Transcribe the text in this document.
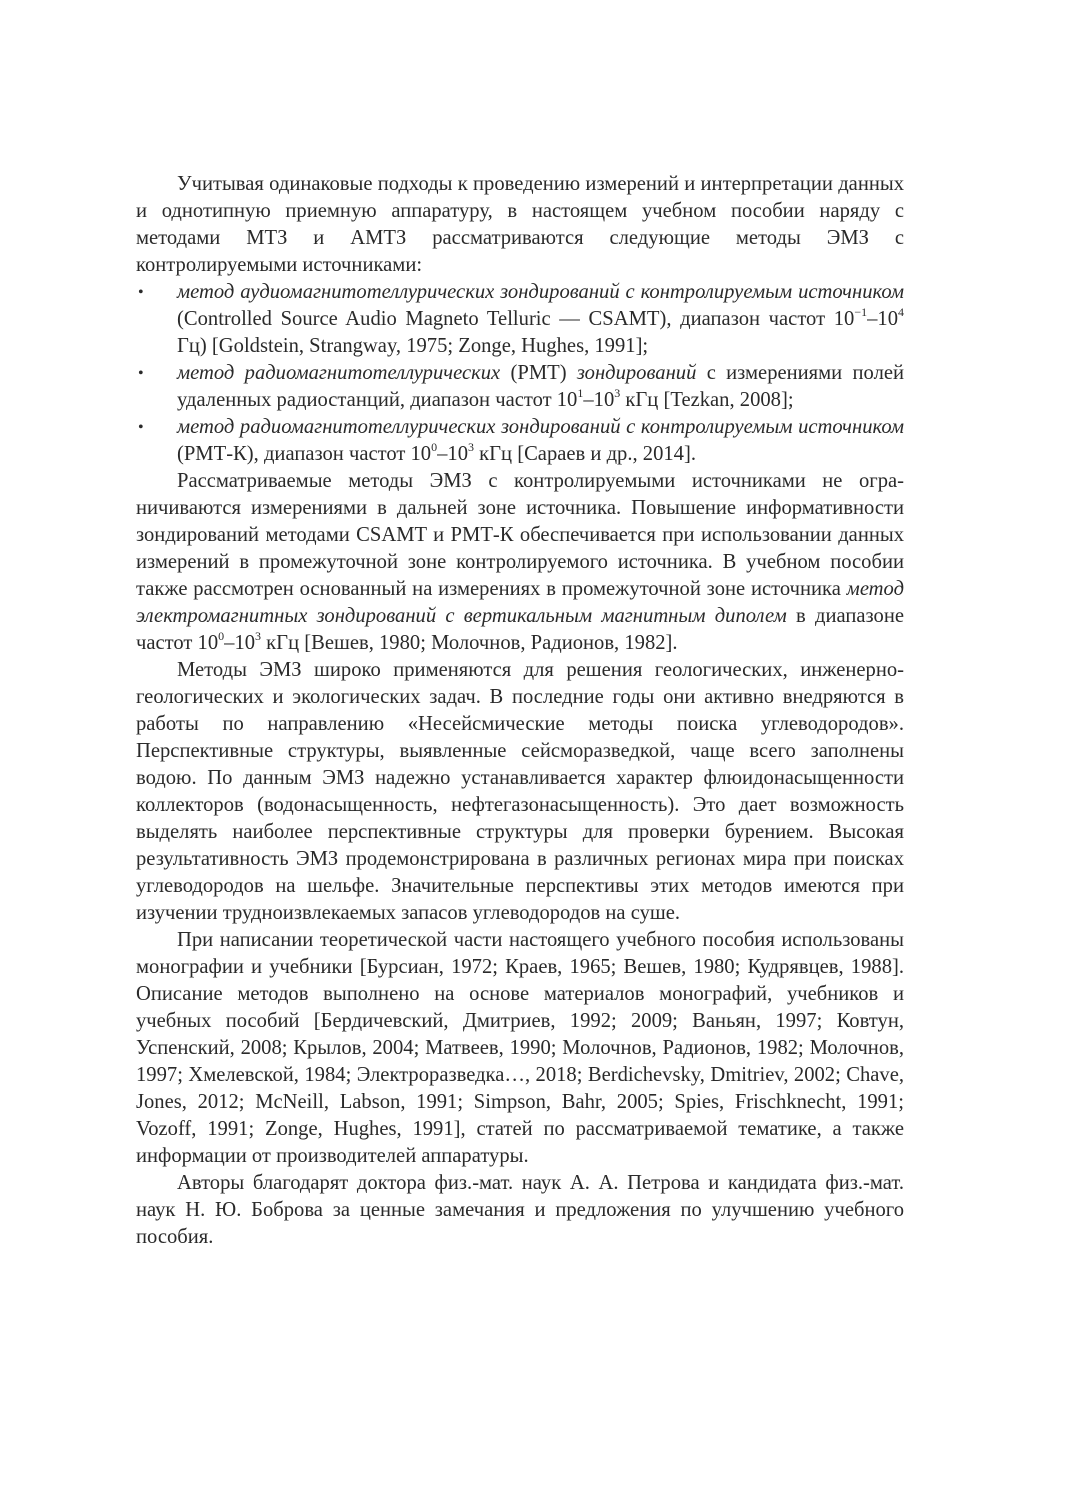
Учитывая одинаковые подходы к проведению измерений и интерпретации данных и однотипную приемную аппаратуру, в настоящем учебном пособии наряду с методами МТЗ и АМТЗ рассматриваются следующие методы ЭМЗ с контролируемыми источниками:

• метод аудиомагнитотеллурических зондирований с контролируемым источником (Controlled Source Audio Magneto Telluric — CSAMT), диапазон частот $10^{-1}-10^4$ Гц) [Goldstein, Strangway, 1975; Zonge, Hughes, 1991];
• метод радиомагнитотеллурических (РМТ) зондирований с измерениями полей удаленных радиостанций, диапазон частот $10^1-10^3$ кГц [Tezkan, 2008];
• метод радиомагнитотеллурических зондирований с контролируемым источником (РМТ-К), диапазон частот $10^0-10^3$ кГц [Сараев и др., 2014].

Рассматриваемые методы ЭМЗ с контролируемыми источниками не ограничиваются измерениями в дальней зоне источника. Повышение информативности зондирований методами CSAMT и РМТ-К обеспечивается при использовании данных измерений в промежуточной зоне контролируемого источника. В учебном пособии также рассмотрен основанный на измерениях в промежуточной зоне источника метод электромагнитных зондирований с вертикальным магнитным диполем в диапазоне частот $10^0-10^3$ кГц [Вешев, 1980; Молочнов, Радионов, 1982].

Методы ЭМЗ широко применяются для решения геологических, инженерно-геологических и экологических задач. В последние годы они активно внедряются в работы по направлению «Несейсмические методы поиска углеводородов». Перспективные структуры, выявленные сейсморазведкой, чаще всего заполнены водою. По данным ЭМЗ надежно устанавливается характер флюидонасыщенности коллекторов (водонасыщенность, нефтегазонасыщенность). Это дает возможность выделять наиболее перспективные структуры для проверки бурением. Высокая результативность ЭМЗ продемонстрирована в различных регионах мира при поисках углеводородов на шельфе. Значительные перспективы этих методов имеются при изучении трудноизвлекаемых запасов углеводородов на суше.

При написании теоретической части настоящего учебного пособия использованы монографии и учебники [Бурсиан, 1972; Краев, 1965; Вешев, 1980; Кудрявцев, 1988]. Описание методов выполнено на основе материалов монографий, учебников и учебных пособий [Бердичевский, Дмитриев, 1992; 2009; Ваньян, 1997; Ковтун, Успенский, 2008; Крылов, 2004; Матвеев, 1990; Молочнов, Радионов, 1982; Молочнов, 1997; Хмелевской, 1984; Электроразведка…, 2018; Berdichevsky, Dmitriev, 2002; Chave, Jones, 2012; McNeill, Labson, 1991; Simpson, Bahr, 2005; Spies, Frischknecht, 1991; Vozoff, 1991; Zonge, Hughes, 1991], статей по рассматриваемой тематике, а также информации от производителей аппаратуры.

Авторы благодарят доктора физ.-мат. наук А. А. Петрова и кандидата физ.-мат. наук Н. Ю. Боброва за ценные замечания и предложения по улучшению учебного пособия.
